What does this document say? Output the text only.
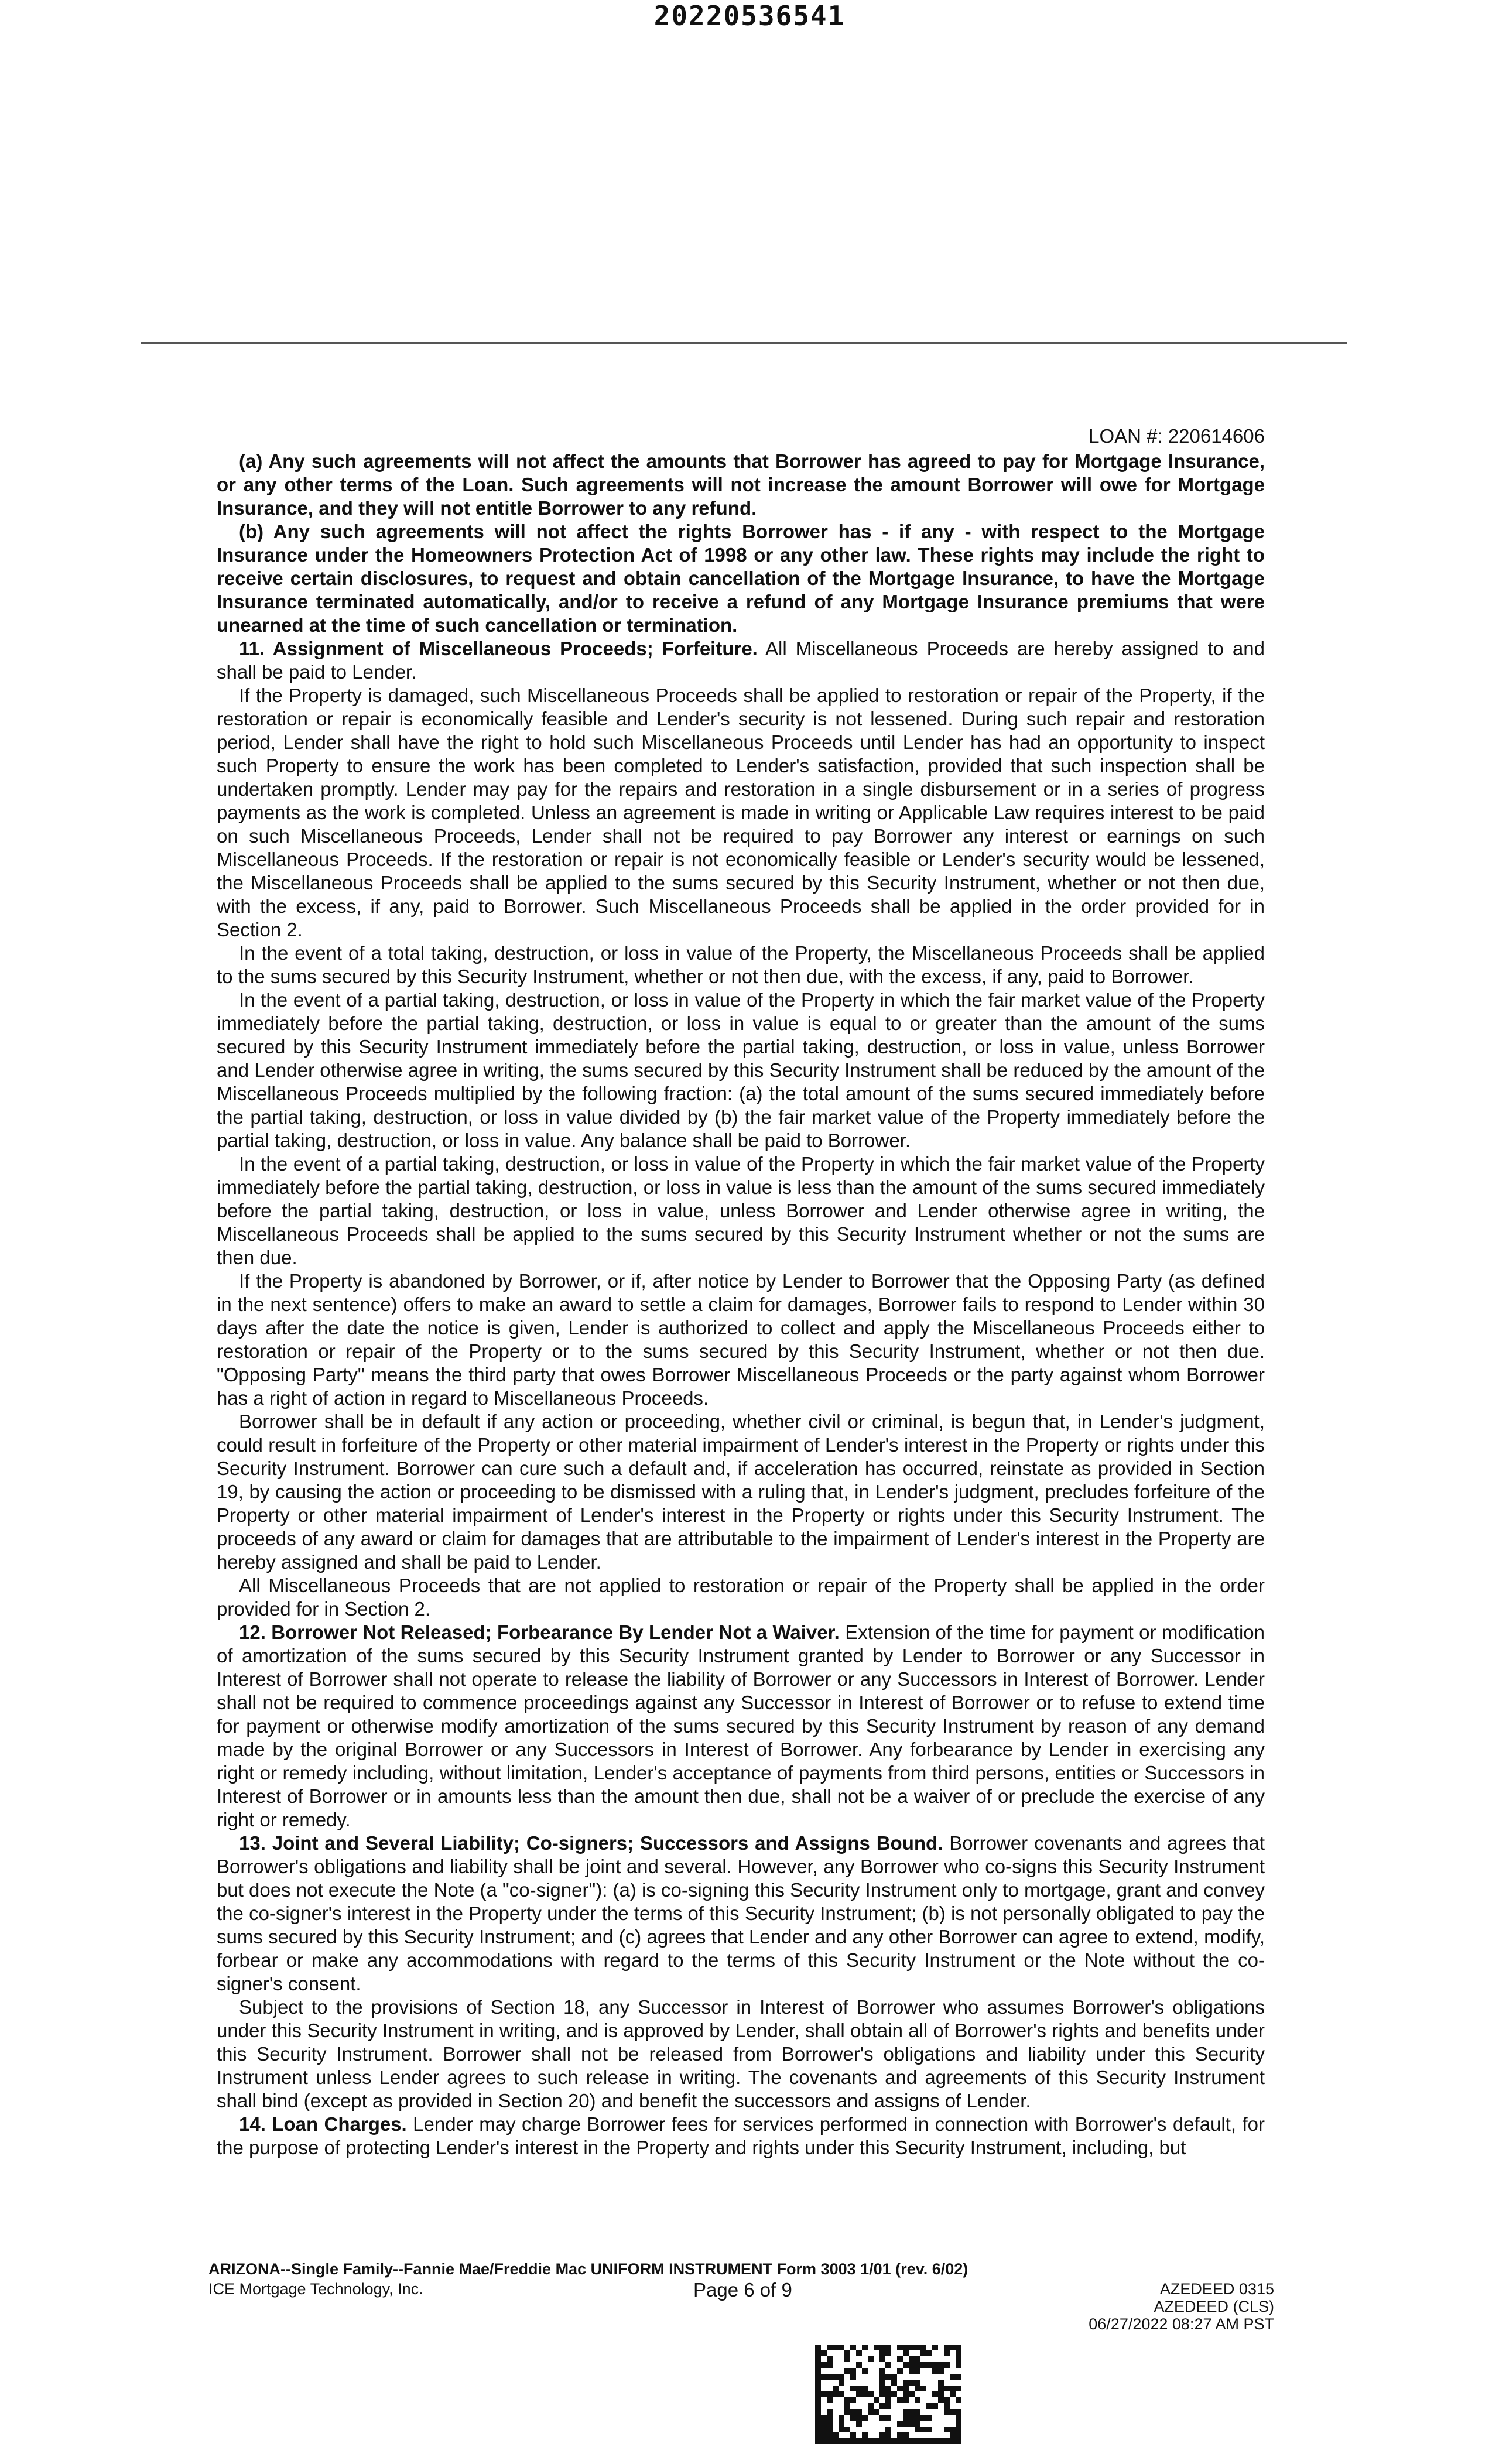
20220536541
LOAN #: 220614606

(a) Any such agreements will not affect the amounts that Borrower has agreed to pay for Mortgage Insurance, or any other terms of the Loan. Such agreements will not increase the amount Borrower will owe for Mortgage Insurance, and they will not entitle Borrower to any refund.

(b) Any such agreements will not affect the rights Borrower has - if any - with respect to the Mortgage Insurance under the Homeowners Protection Act of 1998 or any other law. These rights may include the right to receive certain disclosures, to request and obtain cancellation of the Mortgage Insurance, to have the Mortgage Insurance terminated automatically, and/or to receive a refund of any Mortgage Insurance premiums that were unearned at the time of such cancellation or termination.

11. Assignment of Miscellaneous Proceeds; Forfeiture. All Miscellaneous Proceeds are hereby assigned to and shall be paid to Lender.

If the Property is damaged, such Miscellaneous Proceeds shall be applied to restoration or repair of the Property, if the restoration or repair is economically feasible and Lender's security is not lessened. During such repair and restoration period, Lender shall have the right to hold such Miscellaneous Proceeds until Lender has had an opportunity to inspect such Property to ensure the work has been completed to Lender's satisfaction, provided that such inspection shall be undertaken promptly. Lender may pay for the repairs and restoration in a single disbursement or in a series of progress payments as the work is completed. Unless an agreement is made in writing or Applicable Law requires interest to be paid on such Miscellaneous Proceeds, Lender shall not be required to pay Borrower any interest or earnings on such Miscellaneous Proceeds. If the restoration or repair is not economically feasible or Lender's security would be lessened, the Miscellaneous Proceeds shall be applied to the sums secured by this Security Instrument, whether or not then due, with the excess, if any, paid to Borrower. Such Miscellaneous Proceeds shall be applied in the order provided for in Section 2.

In the event of a total taking, destruction, or loss in value of the Property, the Miscellaneous Proceeds shall be applied to the sums secured by this Security Instrument, whether or not then due, with the excess, if any, paid to Borrower.

In the event of a partial taking, destruction, or loss in value of the Property in which the fair market value of the Property immediately before the partial taking, destruction, or loss in value is equal to or greater than the amount of the sums secured by this Security Instrument immediately before the partial taking, destruction, or loss in value, unless Borrower and Lender otherwise agree in writing, the sums secured by this Security Instrument shall be reduced by the amount of the Miscellaneous Proceeds multiplied by the following fraction: (a) the total amount of the sums secured immediately before the partial taking, destruction, or loss in value divided by (b) the fair market value of the Property immediately before the partial taking, destruction, or loss in value. Any balance shall be paid to Borrower.

In the event of a partial taking, destruction, or loss in value of the Property in which the fair market value of the Property immediately before the partial taking, destruction, or loss in value is less than the amount of the sums secured immediately before the partial taking, destruction, or loss in value, unless Borrower and Lender otherwise agree in writing, the Miscellaneous Proceeds shall be applied to the sums secured by this Security Instrument whether or not the sums are then due.

If the Property is abandoned by Borrower, or if, after notice by Lender to Borrower that the Opposing Party (as defined in the next sentence) offers to make an award to settle a claim for damages, Borrower fails to respond to Lender within 30 days after the date the notice is given, Lender is authorized to collect and apply the Miscellaneous Proceeds either to restoration or repair of the Property or to the sums secured by this Security Instrument, whether or not then due. "Opposing Party" means the third party that owes Borrower Miscellaneous Proceeds or the party against whom Borrower has a right of action in regard to Miscellaneous Proceeds.

Borrower shall be in default if any action or proceeding, whether civil or criminal, is begun that, in Lender's judgment, could result in forfeiture of the Property or other material impairment of Lender's interest in the Property or rights under this Security Instrument. Borrower can cure such a default and, if acceleration has occurred, reinstate as provided in Section 19, by causing the action or proceeding to be dismissed with a ruling that, in Lender's judgment, precludes forfeiture of the Property or other material impairment of Lender's interest in the Property or rights under this Security Instrument. The proceeds of any award or claim for damages that are attributable to the impairment of Lender's interest in the Property are hereby assigned and shall be paid to Lender.

All Miscellaneous Proceeds that are not applied to restoration or repair of the Property shall be applied in the order provided for in Section 2.

12. Borrower Not Released; Forbearance By Lender Not a Waiver. Extension of the time for payment or modification of amortization of the sums secured by this Security Instrument granted by Lender to Borrower or any Successor in Interest of Borrower shall not operate to release the liability of Borrower or any Successors in Interest of Borrower. Lender shall not be required to commence proceedings against any Successor in Interest of Borrower or to refuse to extend time for payment or otherwise modify amortization of the sums secured by this Security Instrument by reason of any demand made by the original Borrower or any Successors in Interest of Borrower. Any forbearance by Lender in exercising any right or remedy including, without limitation, Lender's acceptance of payments from third persons, entities or Successors in Interest of Borrower or in amounts less than the amount then due, shall not be a waiver of or preclude the exercise of any right or remedy.

13. Joint and Several Liability; Co-signers; Successors and Assigns Bound. Borrower covenants and agrees that Borrower's obligations and liability shall be joint and several. However, any Borrower who co-signs this Security Instrument but does not execute the Note (a "co-signer"): (a) is co-signing this Security Instrument only to mortgage, grant and convey the co-signer's interest in the Property under the terms of this Security Instrument; (b) is not personally obligated to pay the sums secured by this Security Instrument; and (c) agrees that Lender and any other Borrower can agree to extend, modify, forbear or make any accommodations with regard to the terms of this Security Instrument or the Note without the co-signer's consent.

Subject to the provisions of Section 18, any Successor in Interest of Borrower who assumes Borrower's obligations under this Security Instrument in writing, and is approved by Lender, shall obtain all of Borrower's rights and benefits under this Security Instrument. Borrower shall not be released from Borrower's obligations and liability under this Security Instrument unless Lender agrees to such release in writing. The covenants and agreements of this Security Instrument shall bind (except as provided in Section 20) and benefit the successors and assigns of Lender.

14. Loan Charges. Lender may charge Borrower fees for services performed in connection with Borrower's default, for the purpose of protecting Lender's interest in the Property and rights under this Security Instrument, including, but

ARIZONA--Single Family--Fannie Mae/Freddie Mac UNIFORM INSTRUMENT Form 3003 1/01 (rev. 6/02)
ICE Mortgage Technology, Inc.	Page 6 of 9	AZEDEED 0315
AZEDEED (CLS)
06/27/2022 08:27 AM PST
